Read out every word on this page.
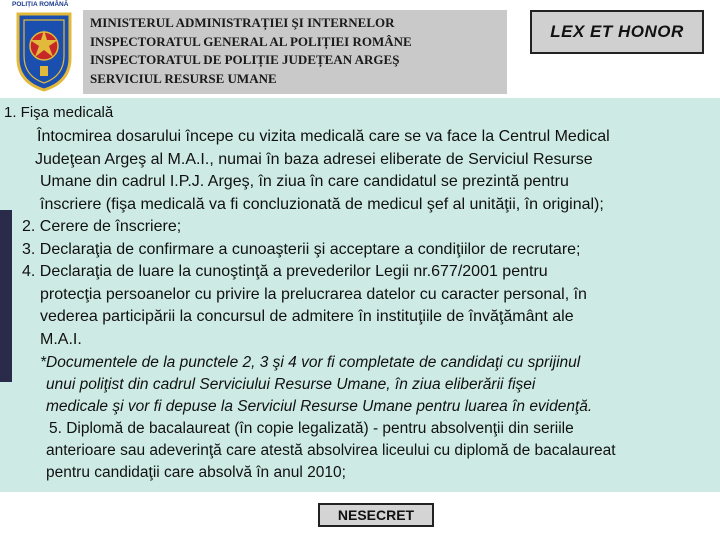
POLIȚIA ROMÂNĂ
MINISTERUL ADMINISTRAȚIEI ŞI INTERNELOR
INSPECTORATUL GENERAL AL POLIȚIEI ROMÂNE
INSPECTORATUL DE POLIȚIE JUDEȚEAN ARGEŞ
SERVICIUL RESURSE UMANE
LEX ET HONOR
1. Fişa medicală
Întocmirea dosarului începe cu vizita medicală care se va face la Centrul Medical
Judeţean Argeş al M.A.I., numai în baza adresei eliberate de Serviciul Resurse
Umane din cadrul I.P.J. Argeş, în ziua în care candidatul se prezintă pentru
înscriere (fişa medicală va fi concluzionată de medicul şef al unităţii, în original);
2. Cerere de înscriere;
3. Declaraţia de confirmare a cunoaşterii şi acceptare a condiţiilor de recrutare;
4. Declaraţia de luare la cunoştinţă a prevederilor Legii nr.677/2001 pentru
protecţia persoanelor cu privire la prelucrarea datelor cu caracter personal, în
vederea participării la concursul de admitere în instituţiile de învăţământ ale
M.A.I.
*Documentele de la punctele 2, 3 şi 4 vor fi completate de candidaţi cu sprijinul
unui poliţist din cadrul Serviciului Resurse Umane, în ziua eliberării fişei
medicale şi vor fi depuse la Serviciul Resurse Umane pentru luarea în evidenţă.
5. Diplomă de bacalaureat (în copie legalizată) - pentru absolvenţii din seriile
anterioare sau adeverinţă care atestă absolvirea liceului cu diplomă de bacalaureat
pentru candidaţii care absolvă în anul 2010;
NESECRET
